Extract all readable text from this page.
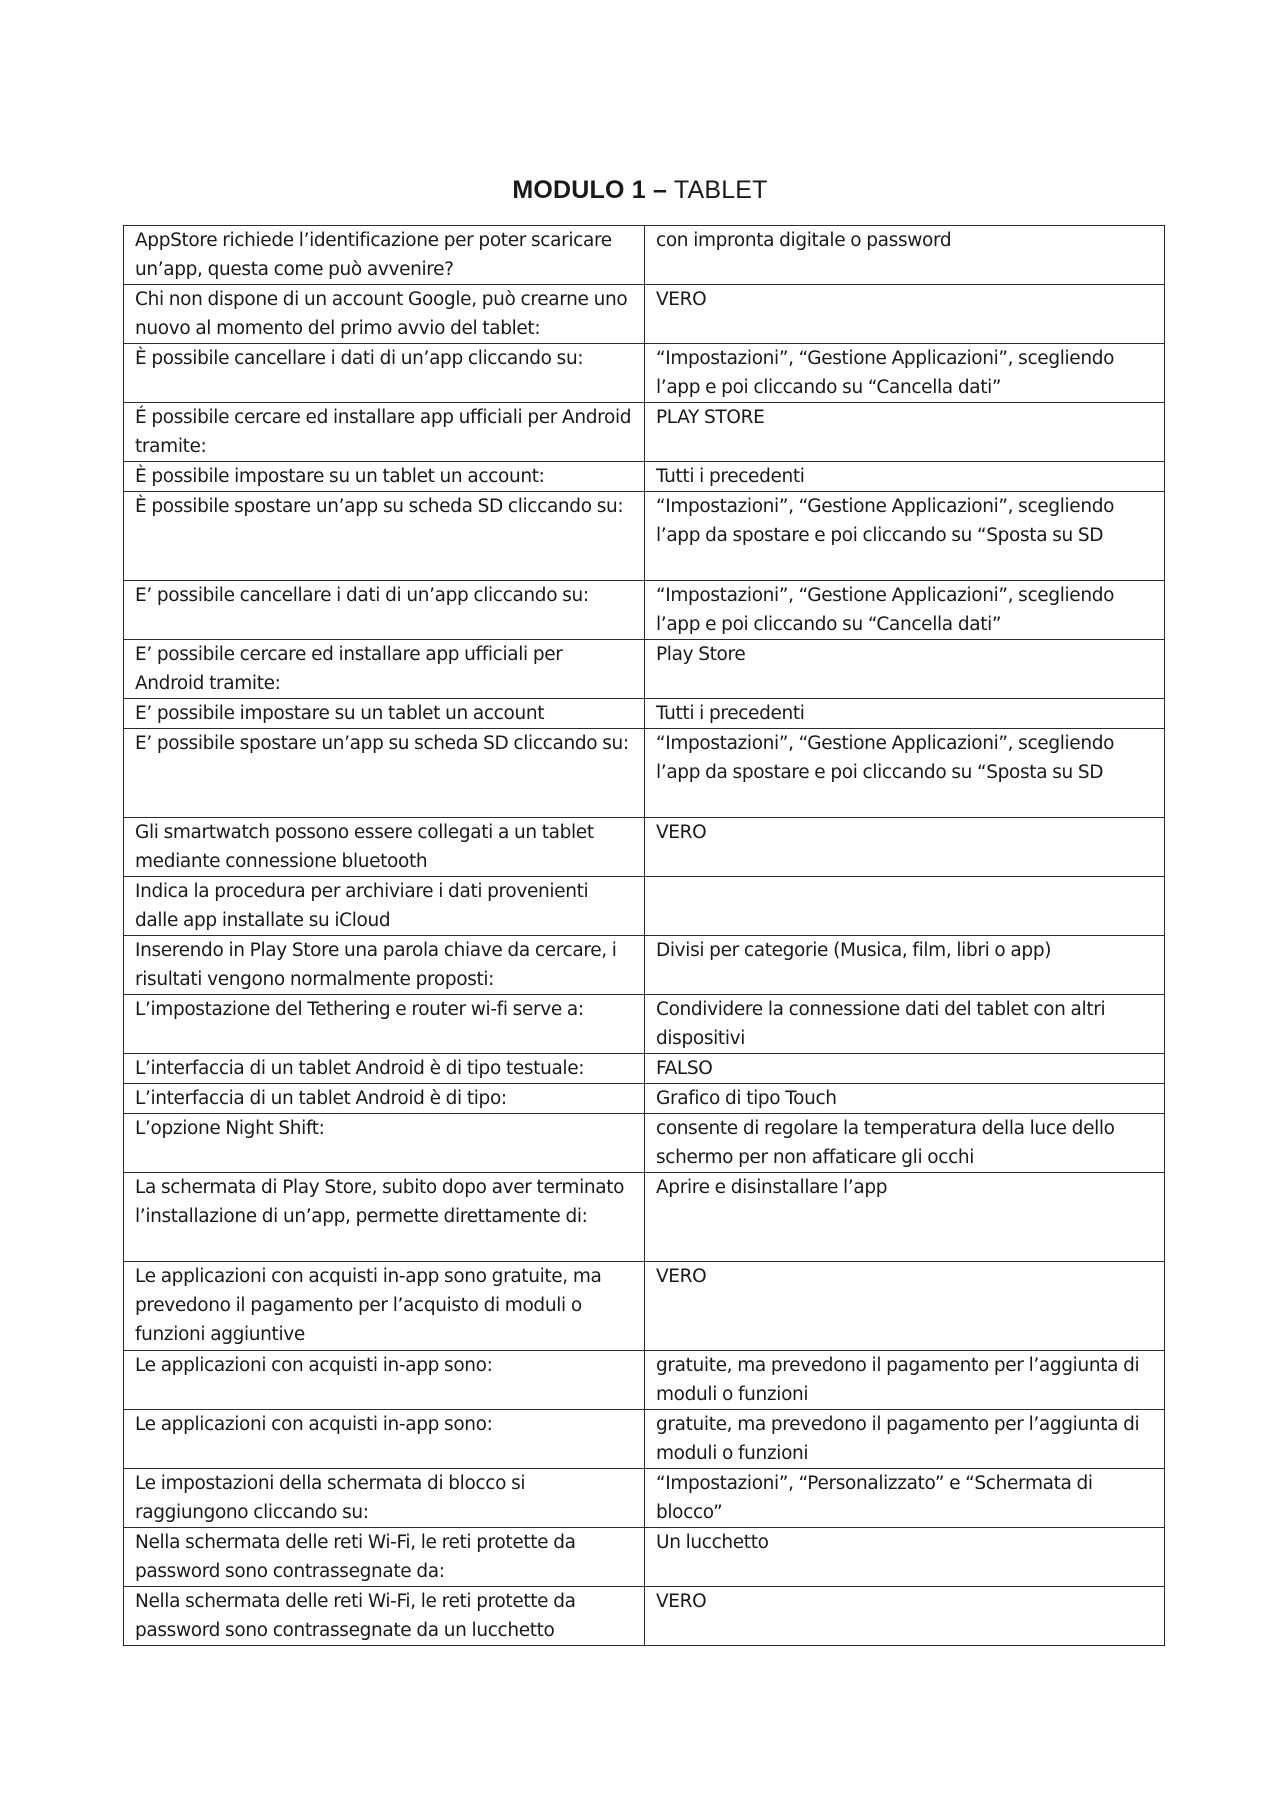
MODULO 1 – TABLET
AppStore richiede l’identificazione per poter scaricare un’app, questa come può avvenire?	con impronta digitale o password
Chi non dispone di un account Google, può crearne uno nuovo al momento del primo avvio del tablet:	VERO
È possibile cancellare i dati di un’app cliccando su:	“Impostazioni”, “Gestione Applicazioni”, scegliendo l’app e poi cliccando su “Cancella dati”
É possibile cercare ed installare app ufficiali per Android tramite:	PLAY STORE
È possibile impostare su un tablet un account:	Tutti i precedenti
È possibile spostare un’app su scheda SD cliccando su:	“Impostazioni”, “Gestione Applicazioni”, scegliendo l’app da spostare e poi cliccando su “Sposta su SD
E’ possibile cancellare i dati di un’app cliccando su:	“Impostazioni”, “Gestione Applicazioni”, scegliendo l’app e poi cliccando su “Cancella dati”
E’ possibile cercare ed installare app ufficiali per Android tramite:	Play Store
E’ possibile impostare su un tablet un account	Tutti i precedenti
E’ possibile spostare un’app su scheda SD cliccando su:	“Impostazioni”, “Gestione Applicazioni”, scegliendo l’app da spostare e poi cliccando su “Sposta su SD
Gli smartwatch possono essere collegati a un tablet mediante connessione bluetooth	VERO
Indica la procedura per archiviare i dati provenienti dalle app installate su iCloud	
Inserendo in Play Store una parola chiave da cercare, i risultati vengono normalmente proposti:	Divisi per categorie (Musica, film, libri o app)
L’impostazione del Tethering e router wi-fi serve a:	Condividere la connessione dati del tablet con altri dispositivi
L’interfaccia di un tablet Android è di tipo testuale:	FALSO
L’interfaccia di un tablet Android è di tipo:	Grafico di tipo Touch
L’opzione Night Shift:	consente di regolare la temperatura della luce dello schermo per non affaticare gli occhi
La schermata di Play Store, subito dopo aver terminato l’installazione di un’app, permette direttamente di:	Aprire e disinstallare l’app
Le applicazioni con acquisti in-app sono gratuite, ma prevedono il pagamento per l’acquisto di moduli o funzioni aggiuntive	VERO
Le applicazioni con acquisti in-app sono:	gratuite, ma prevedono il pagamento per l’aggiunta di moduli o funzioni
Le applicazioni con acquisti in-app sono:	gratuite, ma prevedono il pagamento per l’aggiunta di moduli o funzioni
Le impostazioni della schermata di blocco si raggiungono cliccando su:	“Impostazioni”, “Personalizzato” e “Schermata di blocco”
Nella schermata delle reti Wi-Fi, le reti protette da password sono contrassegnate da:	Un lucchetto
Nella schermata delle reti Wi-Fi, le reti protette da password sono contrassegnate da un lucchetto	VERO
